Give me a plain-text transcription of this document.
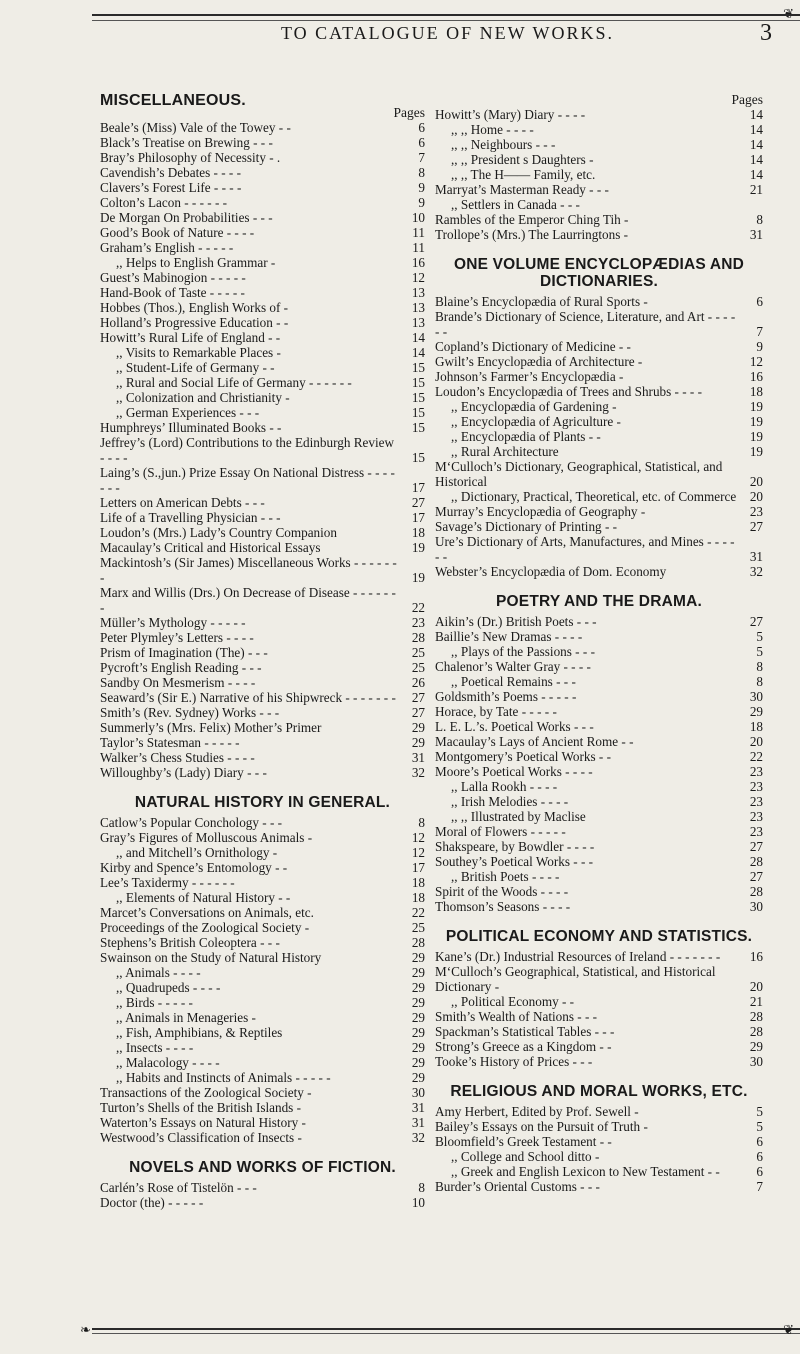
❦
TO CATALOGUE OF NEW WORKS.	3
MISCELLANEOUS.
Pages
Beale’s (Miss) Vale of the Towey - -	6
Black’s Treatise on Brewing - - -	6
Bray’s Philosophy of Necessity - .	7
Cavendish’s Debates - - - -	8
Clavers’s Forest Life - - - -	9
Colton’s Lacon - - - - - -	9
De Morgan On Probabilities - - -	10
Good’s Book of Nature - - - -	11
Graham’s English - - - - -	11
,, Helps to English Grammar -	16
Guest’s Mabinogion - - - - -	12
Hand-Book of Taste - - - - -	13
Hobbes (Thos.), English Works of -	13
Holland’s Progressive Education - -	13
Howitt’s Rural Life of England - -	14
,, Visits to Remarkable Places -	14
,, Student-Life of Germany - -	15
,, Rural and Social Life of Germany - - - - - -	15
,, Colonization and Christianity -	15
,, German Experiences - - -	15
Humphreys’ Illuminated Books - -	15
Jeffrey’s (Lord) Contributions to the Edinburgh Review - - - -	15
Laing’s (S.,jun.) Prize Essay On National Distress - - - - - - -	17
Letters on American Debts - - -	27
Life of a Travelling Physician - - -	17
Loudon’s (Mrs.) Lady’s Country Companion	18
Macaulay’s Critical and Historical Essays	19
Mackintosh’s (Sir James) Miscellaneous Works - - - - - - -	19
Marx and Willis (Drs.) On Decrease of Disease - - - - - - -	22
Müller’s Mythology - - - - -	23
Peter Plymley’s Letters - - - -	28
Prism of Imagination (The) - - -	25
Pycroft’s English Reading - - -	25
Sandby On Mesmerism - - - -	26
Seaward’s (Sir E.) Narrative of his Shipwreck - - - - - - -	27
Smith’s (Rev. Sydney) Works - - -	27
Summerly’s (Mrs. Felix) Mother’s Primer	29
Taylor’s Statesman - - - - -	29
Walker’s Chess Studies - - - -	31
Willoughby’s (Lady) Diary - - -	32
NATURAL HISTORY IN GENERAL.
Catlow’s Popular Conchology - - -	8
Gray’s Figures of Molluscous Animals -	12
,, and Mitchell’s Ornithology -	12
Kirby and Spence’s Entomology - -	17
Lee’s Taxidermy - - - - - -	18
,, Elements of Natural History - -	18
Marcet’s Conversations on Animals, etc.	22
Proceedings of the Zoological Society -	25
Stephens’s British Coleoptera - - -	28
Swainson on the Study of Natural History	29
,, Animals - - - -	29
,, Quadrupeds - - - -	29
,, Birds - - - - -	29
,, Animals in Menageries -	29
,, Fish, Amphibians, & Reptiles	29
,, Insects - - - -	29
,, Malacology - - - -	29
,, Habits and Instincts of Animals - - - - -	29
Transactions of the Zoological Society -	30
Turton’s Shells of the British Islands -	31
Waterton’s Essays on Natural History -	31
Westwood’s Classification of Insects -	32
NOVELS AND WORKS OF FICTION.
Carlén’s Rose of Tistelön - - -	8
Doctor (the) - - - - -	10
Pages
Howitt’s (Mary) Diary - - - -	14
,, ,, Home - - - -	14
,, ,, Neighbours - - -	14
,, ,, President s Daughters -	14
,, ,, The H—— Family, etc.	14
Marryat’s Masterman Ready - - -	21
,, Settlers in Canada - - -
Rambles of the Emperor Ching Tih -	8
Trollope’s (Mrs.) The Laurringtons -	31
ONE VOLUME ENCYCLOPÆDIAS AND DICTIONARIES.
Blaine’s Encyclopædia of Rural Sports -	6
Brande’s Dictionary of Science, Literature, and Art - - - - - -	7
Copland’s Dictionary of Medicine - -	9
Gwilt’s Encyclopædia of Architecture -	12
Johnson’s Farmer’s Encyclopædia -	16
Loudon’s Encyclopædia of Trees and Shrubs - - - -	18
,, Encyclopædia of Gardening -	19
,, Encyclopædia of Agriculture -	19
,, Encyclopædia of Plants - -	19
,, Rural Architecture	19
M‘Culloch’s Dictionary, Geographical, Statistical, and Historical	20
,, Dictionary, Practical, Theoretical, etc. of Commerce	20
Murray’s Encyclopædia of Geography -	23
Savage’s Dictionary of Printing - -	27
Ure’s Dictionary of Arts, Manufactures, and Mines - - - - - -	31
Webster’s Encyclopædia of Dom. Economy	32
POETRY AND THE DRAMA.
Aikin’s (Dr.) British Poets - - -	27
Baillie’s New Dramas - - - -	5
,, Plays of the Passions - - -	5
Chalenor’s Walter Gray - - - -	8
,, Poetical Remains - - -	8
Goldsmith’s Poems - - - - -	30
Horace, by Tate - - - - -	29
L. E. L.’s. Poetical Works - - -	18
Macaulay’s Lays of Ancient Rome - -	20
Montgomery’s Poetical Works - -	22
Moore’s Poetical Works - - - -	23
,, Lalla Rookh - - - -	23
,, Irish Melodies - - - -	23
,, ,, Illustrated by Maclise	23
Moral of Flowers - - - - -	23
Shakspeare, by Bowdler - - - -	27
Southey’s Poetical Works - - -	28
,, British Poets - - - -	27
Spirit of the Woods - - - -	28
Thomson’s Seasons - - - -	30
POLITICAL ECONOMY AND STATISTICS.
Kane’s (Dr.) Industrial Resources of Ireland - - - - - - -	16
M‘Culloch’s Geographical, Statistical, and Historical Dictionary -	20
,, Political Economy - -	21
Smith’s Wealth of Nations - - -	28
Spackman’s Statistical Tables - - -	28
Strong’s Greece as a Kingdom - -	29
Tooke’s History of Prices - - -	30
RELIGIOUS AND MORAL WORKS, ETC.
Amy Herbert, Edited by Prof. Sewell -	5
Bailey’s Essays on the Pursuit of Truth -	5
Bloomfield’s Greek Testament - -	6
,, College and School ditto -	6
,, Greek and English Lexicon to New Testament - -	6
Burder’s Oriental Customs - - -	7
❧	❦
